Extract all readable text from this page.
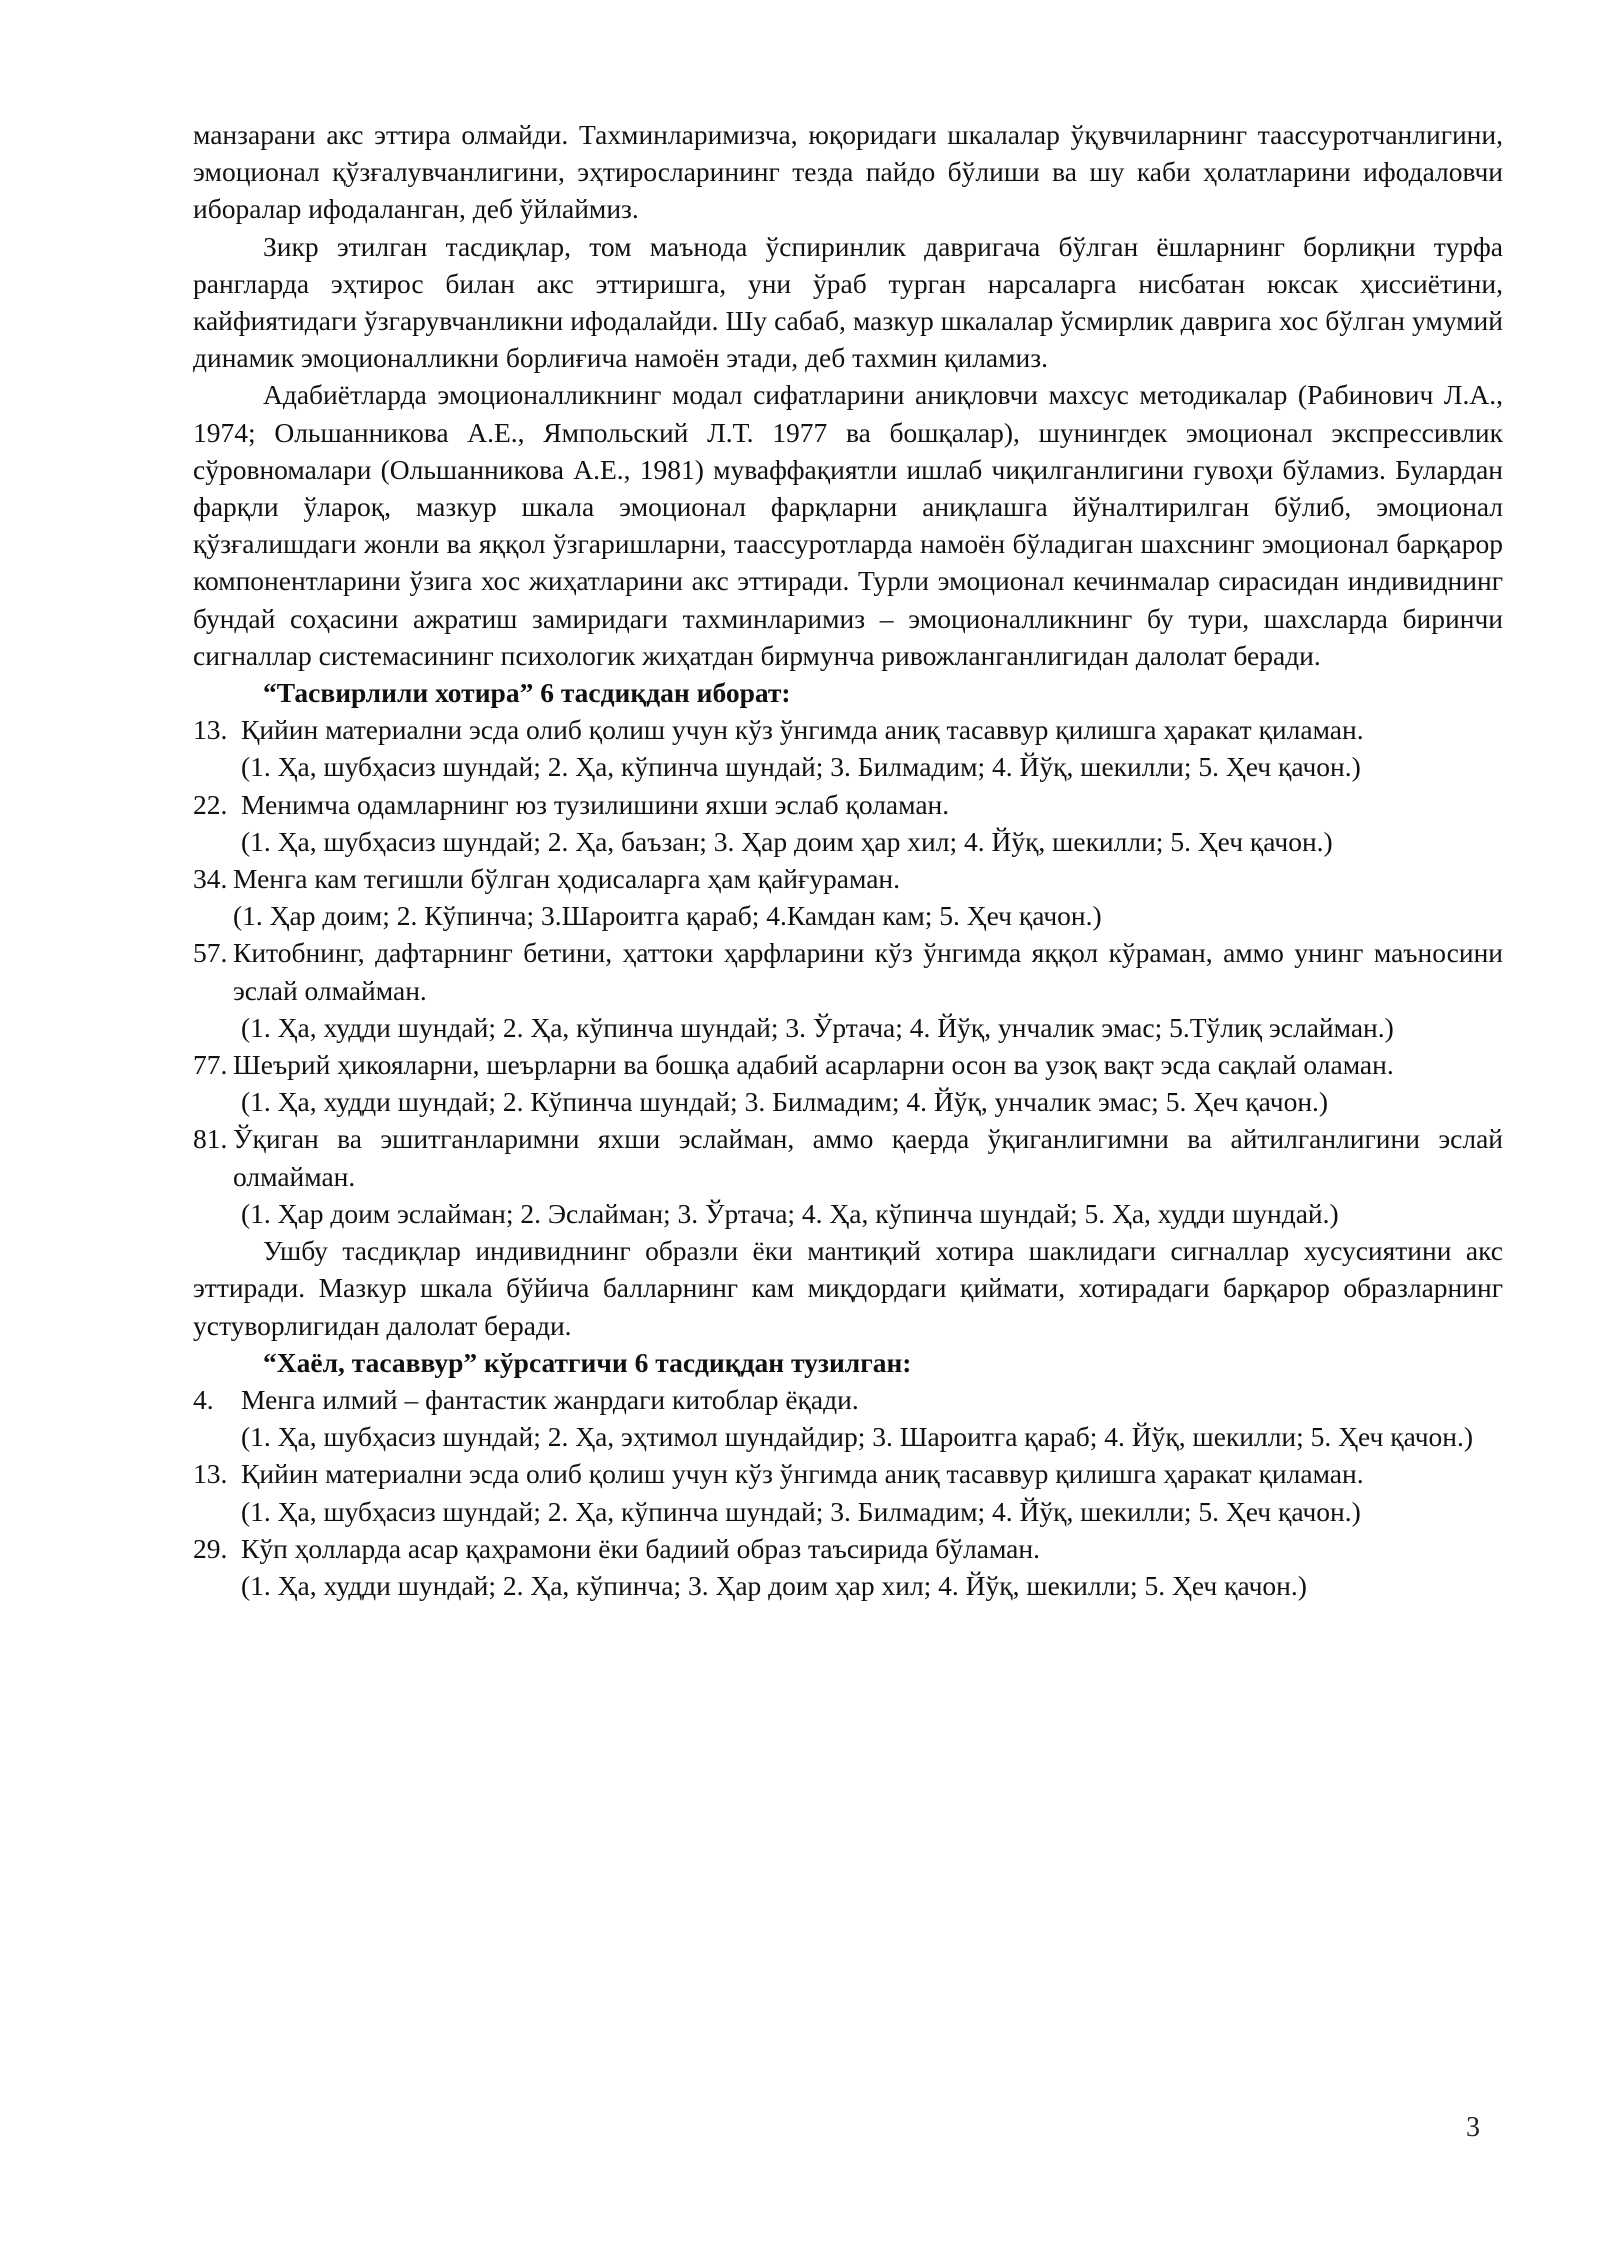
манзарани акс эттира олмайди. Тахминларимизча, юқоридаги шкалалар ўқувчиларнинг таассуротчанлигини, эмоционал қўзғалувчанлигини, эҳтиросларининг тезда пайдо бўлиши ва шу каби ҳолатларини ифодаловчи иборалар ифодаланган, деб ўйлаймиз.

Зикр этилган тасдиқлар, том маънода ўспиринлик давригача бўлган ёшларнинг борлиқни турфа рангларда эҳтирос билан акс эттиришга, уни ўраб турган нарсаларга нисбатан юксак ҳиссиётини, кайфиятидаги ўзгарувчанликни ифодалайди. Шу сабаб, мазкур шкалалар ўсмирлик даврига хос бўлган умумий динамик эмоционалликни борлиғича намоён этади, деб тахмин қиламиз.

Адабиётларда эмоционалликнинг модал сифатларини аниқловчи махсус методикалар (Рабинович Л.А., 1974; Ольшанникова А.Е., Ямпольский Л.Т. 1977 ва бошқалар), шунингдек эмоционал экспрессивлик сўровномалари (Ольшанникова А.Е., 1981) муваффақиятли ишлаб чиқилганлигини гувоҳи бўламиз. Булардан фарқли ўлароқ, мазкур шкала эмоционал фарқларни аниқлашга йўналтирилган бўлиб, эмоционал қўзғалишдаги жонли ва яққол ўзгаришларни, таассуротларда намоён бўладиган шахснинг эмоционал барқарор компонентларини ўзига хос жиҳатларини акс эттиради. Турли эмоционал кечинмалар сирасидан индивиднинг бундай соҳасини ажратиш замиридаги тахминларимиз – эмоционалликнинг бу тури, шахсларда биринчи сигналлар системасининг психологик жиҳатдан бирмунча ривожланганлигидан далолат беради.

“Тасвирлили хотира” 6 тасдиқдан иборат:

13. Қийин материални эсда олиб қолиш учун кўз ўнгимда аниқ тасаввур қилишга ҳаракат қиламан.

(1. Ҳа, шубҳасиз шундай; 2. Ҳа, кўпинча шундай; 3. Билмадим; 4. Йўқ, шекилли; 5. Ҳеч қачон.)

22. Менимча одамларнинг юз тузилишини яхши эслаб қоламан.

(1. Ҳа, шубҳасиз шундай; 2. Ҳа, баъзан; 3. Ҳар доим ҳар хил; 4. Йўқ, шекилли; 5. Ҳеч қачон.)

34. Менга кам тегишли бўлган ҳодисаларга ҳам қайғураман.

(1. Ҳар доим; 2. Кўпинча; 3.Шароитга қараб; 4.Камдан кам; 5. Ҳеч қачон.)

57. Китобнинг, дафтарнинг бетини, ҳаттоки ҳарфларини кўз ўнгимда яққол кўраман, аммо унинг маъносини эслай олмайман.

(1. Ҳа, худди шундай; 2. Ҳа, кўпинча шундай; 3. Ўртача; 4. Йўқ, унчалик эмас; 5.Тўлиқ эслайман.)

77. Шеърий ҳикояларни, шеърларни ва бошқа адабий асарларни осон ва узоқ вақт эсда сақлай оламан.

(1. Ҳа, худди шундай; 2. Кўпинча шундай; 3. Билмадим; 4. Йўқ, унчалик эмас; 5. Ҳеч қачон.)

81. Ўқиган ва эшитганларимни яхши эслайман, аммо қаерда ўқиганлигимни ва айтилганлигини эслай олмайман.

(1. Ҳар доим эслайман; 2. Эслайман; 3. Ўртача; 4. Ҳа, кўпинча шундай; 5. Ҳа, худди шундай.)

Ушбу тасдиқлар индивиднинг образли ёки мантиқий хотира шаклидаги сигналлар хусусиятини акс эттиради. Мазкур шкала бўйича балларнинг кам миқдордаги қиймати, хотирадаги барқарор образларнинг устуворлигидан далолат беради.

“Хаёл, тасаввур” кўрсатгичи 6 тасдиқдан тузилган:

4. Менга илмий – фантастик жанрдаги китоблар ёқади.

(1. Ҳа, шубҳасиз шундай; 2. Ҳа, эҳтимол шундайдир; 3. Шароитга қараб; 4. Йўқ, шекилли; 5. Ҳеч қачон.)

13. Қийин материални эсда олиб қолиш учун кўз ўнгимда аниқ тасаввур қилишга ҳаракат қиламан.

(1. Ҳа, шубҳасиз шундай; 2. Ҳа, кўпинча шундай; 3. Билмадим; 4. Йўқ, шекилли; 5. Ҳеч қачон.)

29. Кўп ҳолларда асар қаҳрамони ёки бадиий образ таъсирида бўламан.

(1. Ҳа, худди шундай; 2. Ҳа, кўпинча; 3. Ҳар доим ҳар хил; 4. Йўқ, шекилли; 5. Ҳеч қачон.)

3
